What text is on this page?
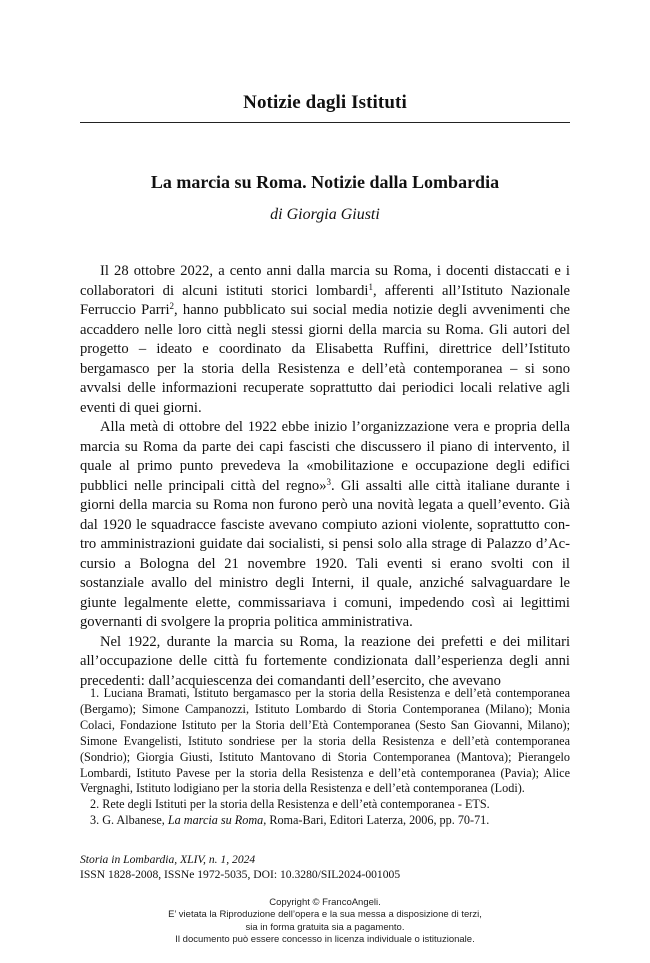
Notizie dagli Istituti
La marcia su Roma. Notizie dalla Lombardia
di Giorgia Giusti

Il 28 ottobre 2022, a cento anni dalla marcia su Roma, i docenti distaccati e i collaboratori di alcuni istituti storici lombardi$^1$, afferenti all’Istituto Nazionale Ferruccio Parri$^2$, hanno pubblicato sui social media notizie degli avvenimenti che accaddero nelle loro città negli stessi giorni della marcia su Roma. Gli autori del progetto – ideato e coordinato da Elisabetta Ruffini, direttrice dell’Istituto bergamasco per la storia della Resistenza e dell’età contemporanea – si sono avvalsi delle informazioni recuperate soprattutto dai periodici locali relative agli eventi di quei giorni.

Alla metà di ottobre del 1922 ebbe inizio l’organizzazione vera e propria della marcia su Roma da parte dei capi fascisti che discussero il piano di intervento, il quale al primo punto prevedeva la «mobilitazione e occupazione degli edifici pubblici nelle principali città del regno»$^3$. Gli assalti alle città italiane durante i giorni della marcia su Roma non furono però una novità legata a quell’evento. Già dal 1920 le squadracce fasciste avevano compiuto azioni violente, soprattutto contro amministrazioni guidate dai socialisti, si pensi solo alla strage di Palazzo d’Accursio a Bologna del 21 novembre 1920. Tali eventi si erano svolti con il sostanziale avallo del ministro degli Interni, il quale, anziché salvaguardare le giunte legalmente elette, commissariava i comuni, impedendo così ai legittimi governanti di svolgere la propria politica amministrativa.

Nel 1922, durante la marcia su Roma, la reazione dei prefetti e dei militari all’occupazione delle città fu fortemente condizionata dall’esperienza degli anni precedenti: dall’acquiescenza dei comandanti dell’esercito, che avevano

1. Luciana Bramati, Istituto bergamasco per la storia della Resistenza e dell’età contemporanea (Bergamo); Simone Campanozzi, Istituto Lombardo di Storia Contemporanea (Milano); Monia Colaci, Fondazione Istituto per la Storia dell’Età Contemporanea (Sesto San Giovanni, Milano); Simone Evangelisti, Istituto sondriese per la storia della Resistenza e dell’età contemporanea (Sondrio); Giorgia Giusti, Istituto Mantovano di Storia Contemporanea (Mantova); Pierangelo Lombardi, Istituto Pavese per la storia della Resistenza e dell’età contemporanea (Pavia); Alice Vergnaghi, Istituto lodigiano per la storia della Resistenza e dell’età contemporanea (Lodi).

2. Rete degli Istituti per la storia della Resistenza e dell’età contemporanea - ETS.

3. G. Albanese, La marcia su Roma, Roma-Bari, Editori Laterza, 2006, pp. 70-71.

Storia in Lombardia, XLIV, n. 1, 2024
ISSN 1828-2008, ISSNe 1972-5035, DOI: 10.3280/SIL2024-001005
Copyright © FrancoAngeli.
E’ vietata la Riproduzione dell’opera e la sua messa a disposizione di terzi,
sia in forma gratuita sia a pagamento.
Il documento può essere concesso in licenza individuale o istituzionale.
